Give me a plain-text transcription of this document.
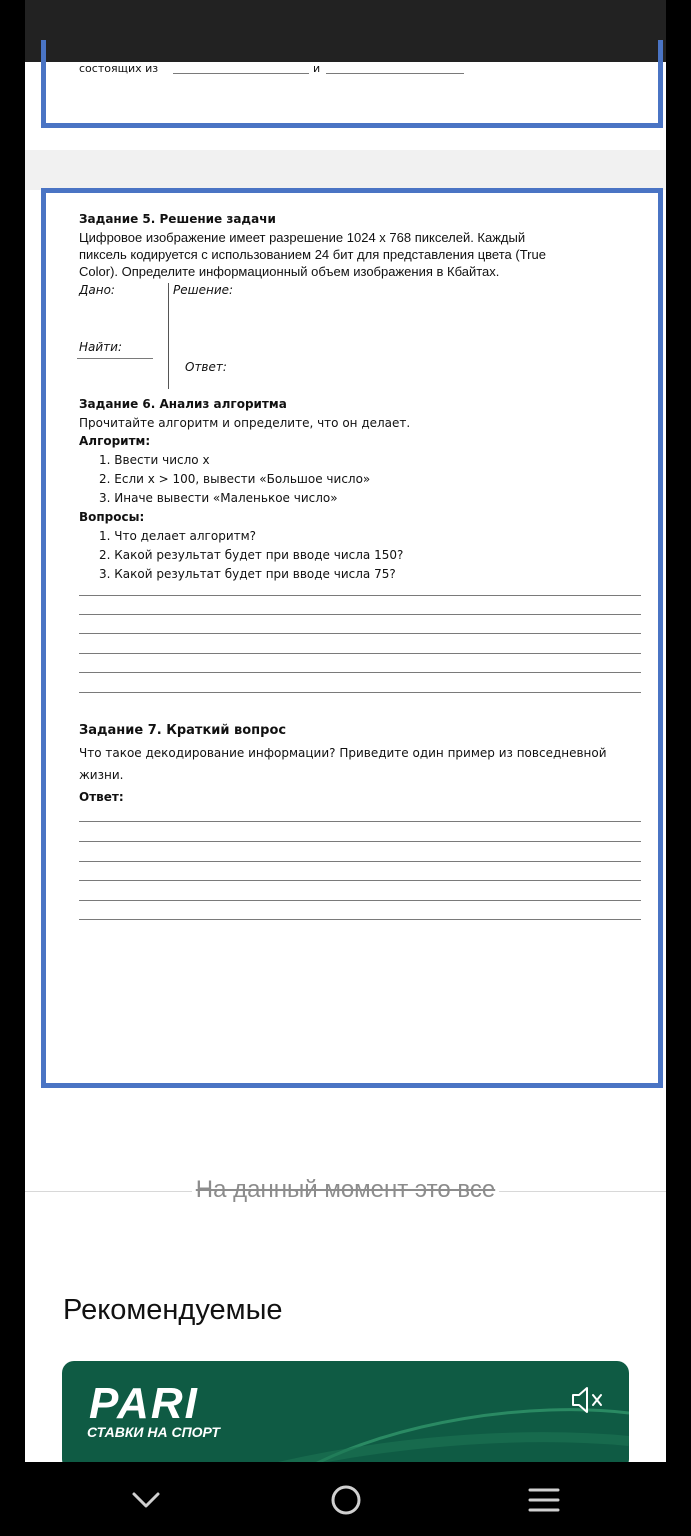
состоящих из	и
Задание 5. Решение задачи
Цифровое изображение имеет разрешение 1024 x 768 пикселей. Каждый
пиксель кодируется с использованием 24 бит для представления цвета (True
Color). Определите информационный объем изображения в Кбайтах.
Дано:	Решение:
Найти:
Ответ:
Задание 6. Анализ алгоритма
Прочитайте алгоритм и определите, что он делает.
Алгоритм:
1. Ввести число x
2. Если x > 100, вывести «Большое число»
3. Иначе вывести «Маленькое число»
Вопросы:
1. Что делает алгоритм?
2. Какой результат будет при вводе числа 150?
3. Какой результат будет при вводе числа 75?
Задание 7. Краткий вопрос
Что такое декодирование информации? Приведите один пример из повседневной
жизни.
Ответ:
На данный момент это все
Рекомендуемые
PARI
СТАВКИ НА СПОРТ
